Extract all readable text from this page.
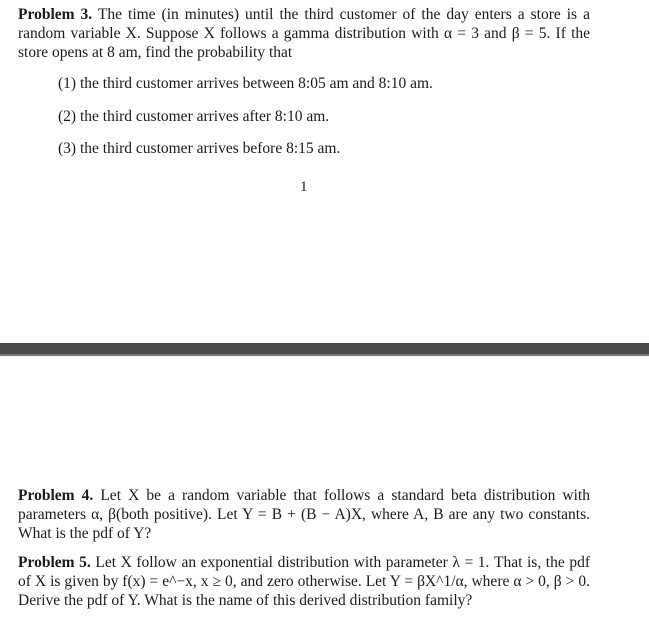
Problem 3. The time (in minutes) until the third customer of the day enters a store is a random variable X. Suppose X follows a gamma distribution with α = 3 and β = 5. If the store opens at 8 am, find the probability that
(1) the third customer arrives between 8:05 am and 8:10 am.
(2) the third customer arrives after 8:10 am.
(3) the third customer arrives before 8:15 am.
1
Problem 4. Let X be a random variable that follows a standard beta distribution with parameters α, β(both positive). Let Y = B + (B − A)X, where A, B are any two constants. What is the pdf of Y?
Problem 5. Let X follow an exponential distribution with parameter λ = 1. That is, the pdf of X is given by f(x) = e^−x, x ≥ 0, and zero otherwise. Let Y = βX^1/α, where α > 0, β > 0. Derive the pdf of Y. What is the name of this derived distribution family?
